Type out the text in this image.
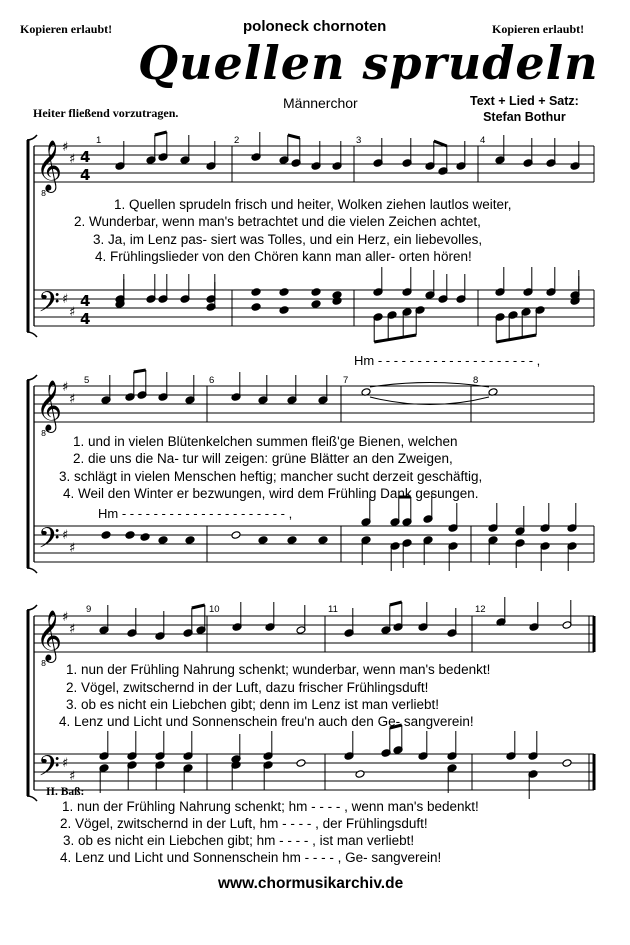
Kopieren erlaubt!	poloneck chornoten	Kopieren erlaubt!
Quellen sprudeln
Heiter fließend vorzutragen.
Männerchor	Text + Lied + Satz:
Stefan Bothur
𝄞
8
𝄢
♯
♯
♯
♯
4
4
4
4
𝄞
8
𝄢
♯
♯
♯
♯
𝄞
8
𝄢
♯
♯
♯
♯
1	2	3	4
1. Quellen sprudeln frisch und heiter, Wolken ziehen lautlos weiter,
2. Wunderbar, wenn man's betrachtet und die vielen Zeichen achtet,
3. Ja, im Lenz pas- siert was Tolles, und ein Herz, ein liebevolles,
4. Frühlingslieder von den Chören kann man aller- orten hören!
Hm - - - - - - - - - - - - - - - - - - - - ,
5	6	7	8
1. und in vielen Blütenkelchen summen fleiß'ge Bienen, welchen
2. die uns die Na- tur will zeigen: grüne Blätter an den Zweigen,
3. schlägt in vielen Menschen heftig; mancher sucht derzeit geschäftig,
4. Weil den Winter er bezwungen, wird dem Frühling Dank gesungen.
Hm - - - - - - - - - - - - - - - - - - - - - ,
9	10	11	12
1. nun der Frühling Nahrung schenkt; wunderbar, wenn man's bedenkt!
2. Vögel, zwitschernd in der Luft, dazu frischer Frühlingsduft!
3. ob es nicht ein Liebchen gibt; denn im Lenz ist man verliebt!
4. Lenz und Licht und Sonnenschein freu'n auch den Ge- sangverein!
II. Baß:
1. nun der Frühling Nahrung schenkt; hm - - - - , wenn man's bedenkt!
2. Vögel, zwitschernd in der Luft, hm - - - - , der Frühlingsduft!
3. ob es nicht ein Liebchen gibt; hm - - - - , ist man verliebt!
4. Lenz und Licht und Sonnenschein hm - - - - , Ge- sangverein!
www.chormusikarchiv.de
